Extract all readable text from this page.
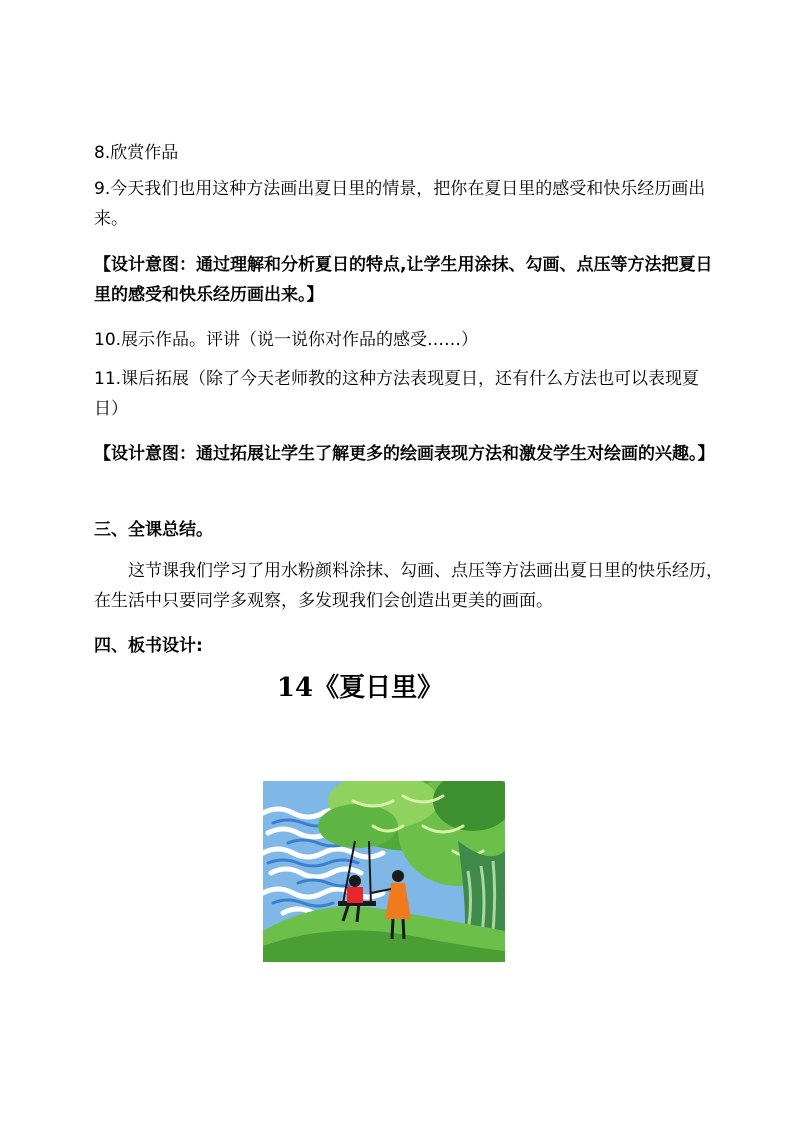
8.欣赏作品
9.今天我们也用这种方法画出夏日里的情景，把你在夏日里的感受和快乐经历画出来。
【设计意图：通过理解和分析夏日的特点,让学生用涂抹、勾画、点压等方法把夏日里的感受和快乐经历画出来。】
10.展示作品。评讲（说一说你对作品的感受……）
11.课后拓展（除了今天老师教的这种方法表现夏日，还有什么方法也可以表现夏日）
【设计意图：通过拓展让学生了解更多的绘画表现方法和激发学生对绘画的兴趣。】
三、全课总结。
这节课我们学习了用水粉颜料涂抹、勾画、点压等方法画出夏日里的快乐经历，在生活中只要同学多观察，多发现我们会创造出更美的画面。
四、板书设计:
14《夏日里》
